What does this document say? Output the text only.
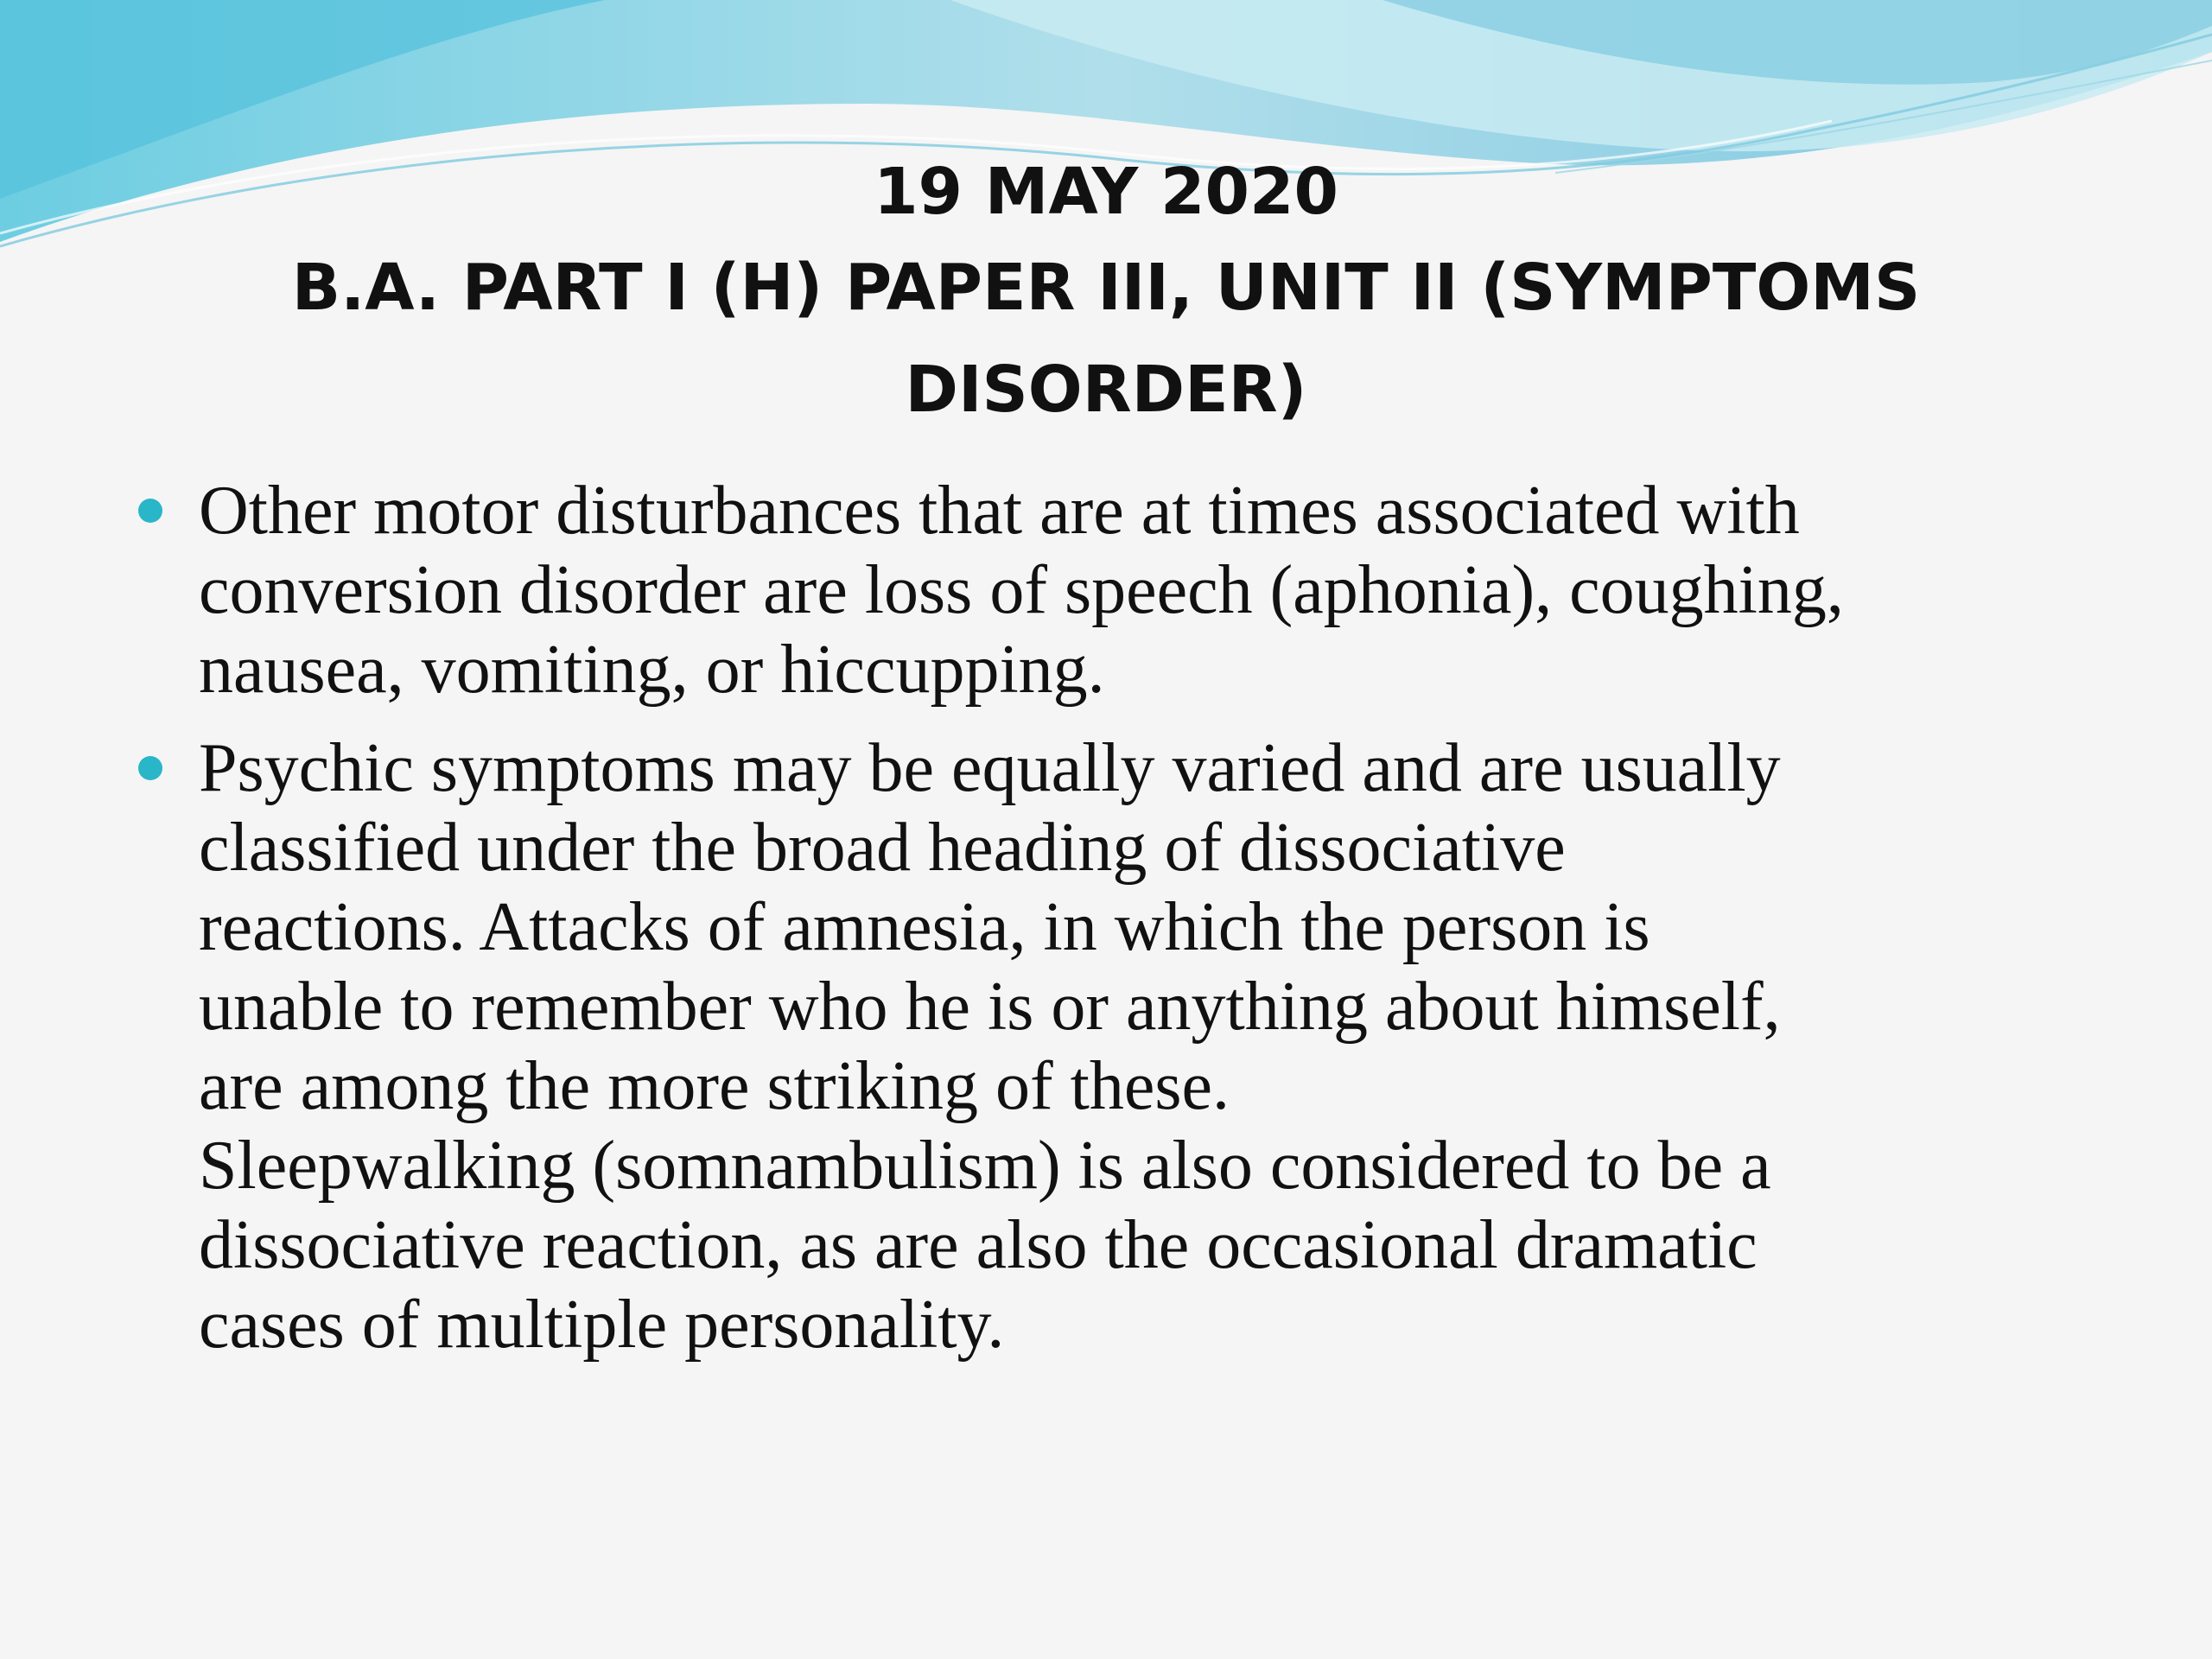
19 MAY 2020
B.A. PART I (H) PAPER III, UNIT II (SYMPTOMS
DISORDER)
Other motor disturbances that are at times associated with
conversion disorder are loss of speech (aphonia), coughing,
nausea, vomiting, or hiccupping.
Psychic symptoms may be equally varied and are usually
classified under the broad heading of dissociative
reactions. Attacks of amnesia, in which the person is
unable to remember who he is or anything about himself,
are among the more striking of these.
Sleepwalking (somnambulism) is also considered to be a
dissociative reaction, as are also the occasional dramatic
cases of multiple personality.
